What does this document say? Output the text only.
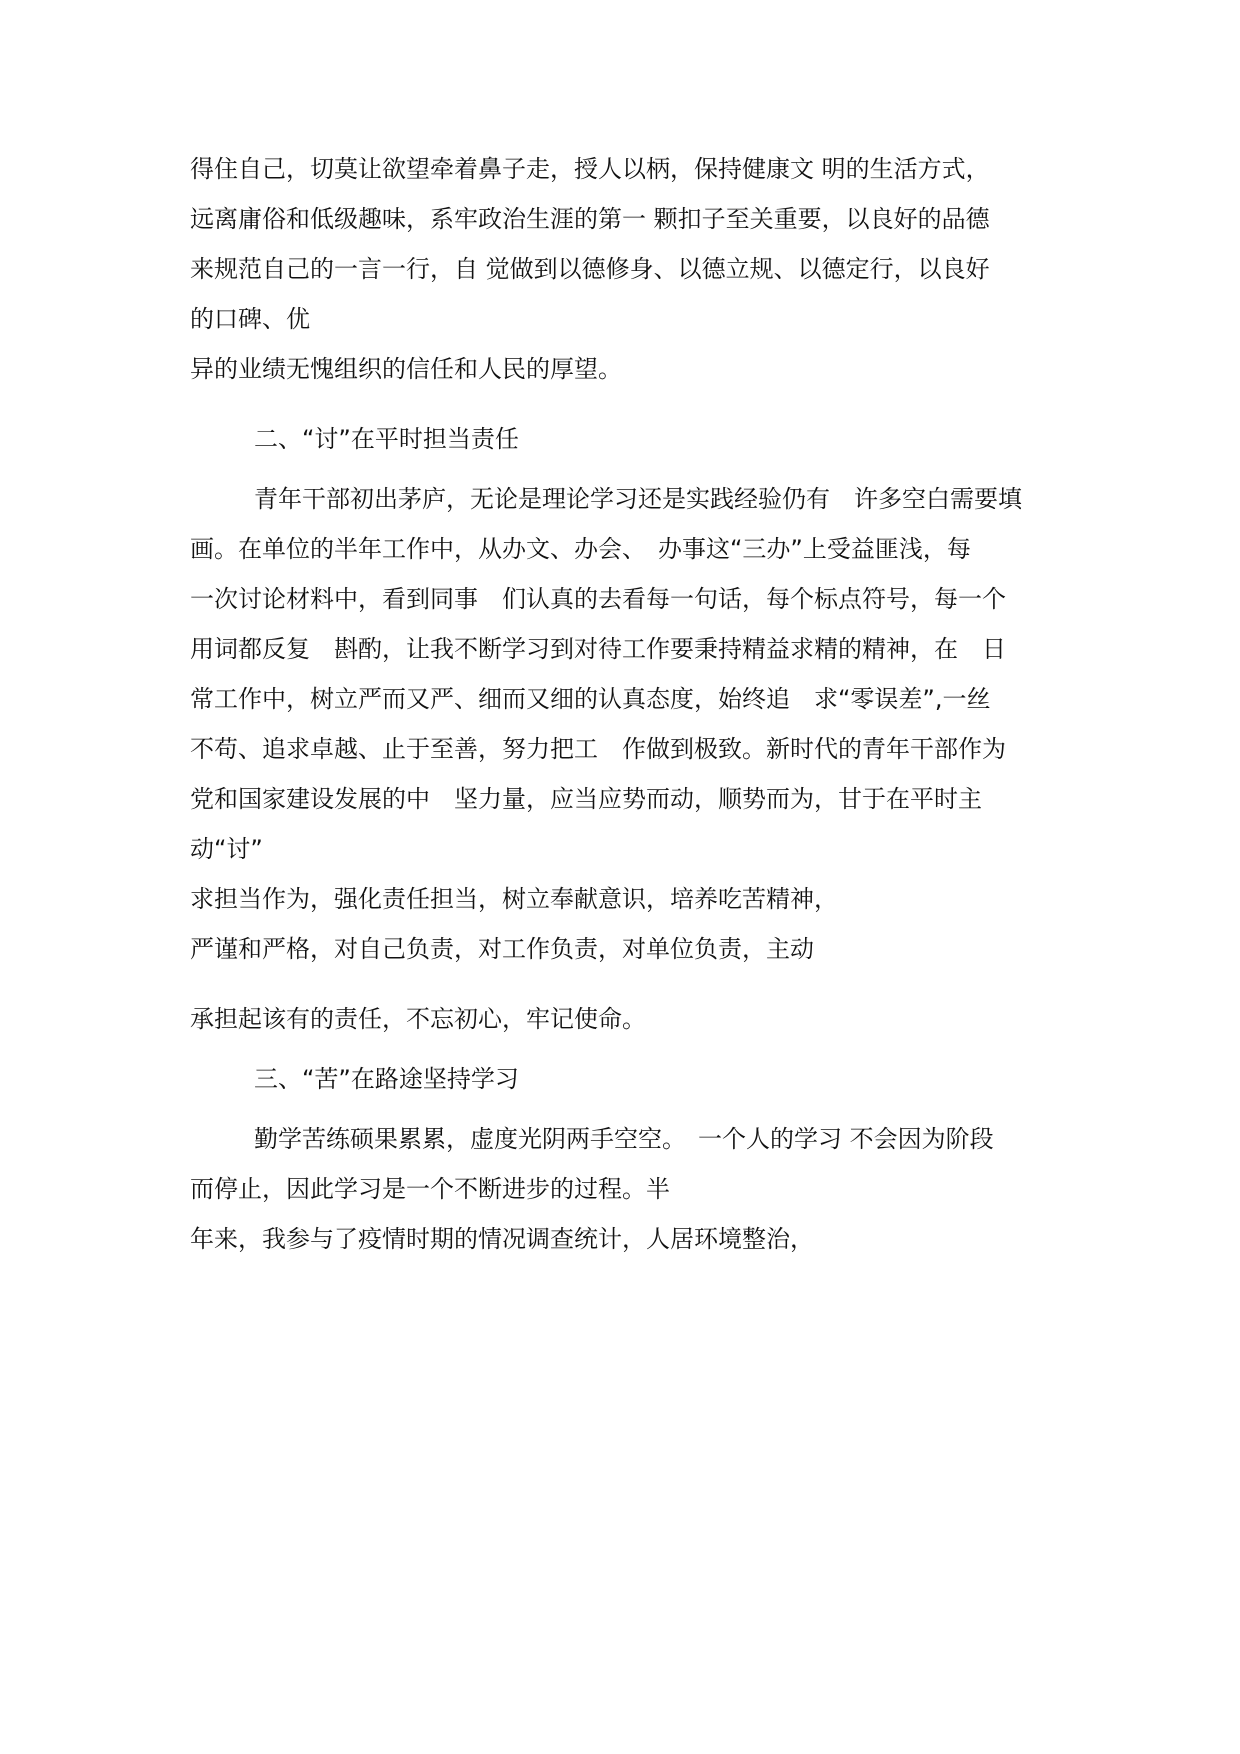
得住自己，切莫让欲望牵着鼻子走，授人以柄，保持健康文 明的生活方式，
远离庸俗和低级趣味，系牢政治生涯的第一 颗扣子至关重要，以良好的品德
来规范自己的一言一行，自 觉做到以德修身、以德立规、以德定行，以良好
的口碑、优
异的业绩无愧组织的信任和人民的厚望。
二、“讨”在平时担当责任
青年干部初出茅庐，无论是理论学习还是实践经验仍有　许多空白需要填
画。在单位的半年工作中，从办文、办会、　办事这“三办”上受益匪浅，每
一次讨论材料中，看到同事　们认真的去看每一句话，每个标点符号，每一个
用词都反复　斟酌，让我不断学习到对待工作要秉持精益求精的精神，在　日
常工作中，树立严而又严、细而又细的认真态度，始终追　求“零误差”,一丝
不苟、追求卓越、止于至善，努力把工　作做到极致。新时代的青年干部作为
党和国家建设发展的中　坚力量，应当应势而动，顺势而为，甘于在平时主
动“讨”
求担当作为，强化责任担当，树立奉献意识，培养吃苦精神，
严谨和严格，对自己负责，对工作负责，对单位负责，主动
承担起该有的责任，不忘初心，牢记使命。
三、“苦”在路途坚持学习
勤学苦练硕果累累，虚度光阴两手空空。　一个人的学习 不会因为阶段
而停止，因此学习是一个不断进步的过程。半
年来，我参与了疫情时期的情况调查统计，人居环境整治，
